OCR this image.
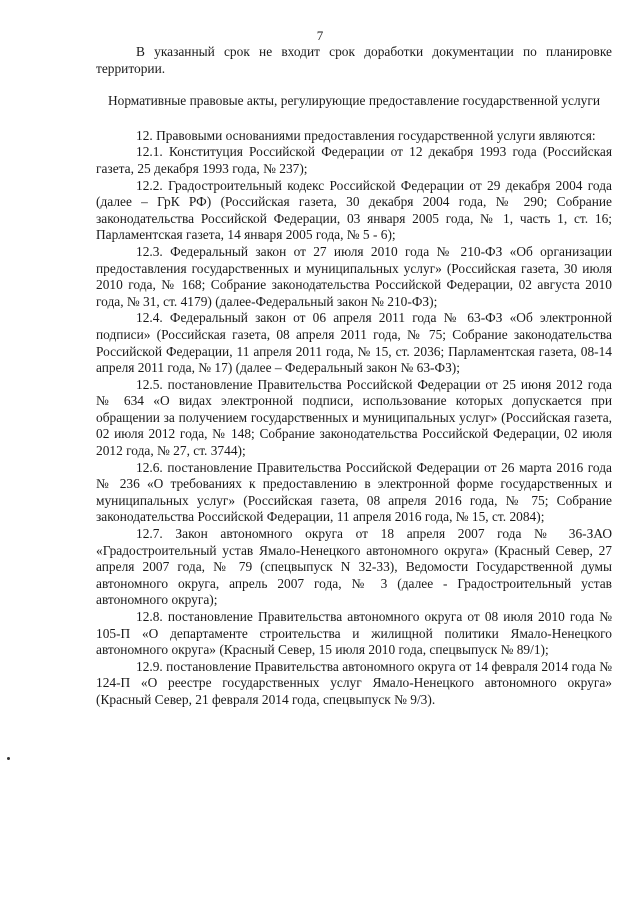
7

В указанный срок не входит срок доработки документации по планировке территории.

Нормативные правовые акты, регулирующие предоставление государственной услуги

12. Правовыми основаниями предоставления государственной услуги являются:

12.1. Конституция Российской Федерации от 12 декабря 1993 года (Российская газета, 25 декабря 1993 года, № 237);

12.2. Градостроительный кодекс Российской Федерации от 29 декабря 2004 года (далее – ГрК РФ) (Российская газета, 30 декабря 2004 года, № 290; Собрание законодательства Российской Федерации, 03 января 2005 года, № 1, часть 1, ст. 16; Парламентская газета, 14 января 2005 года, № 5 - 6);

12.3. Федеральный закон от 27 июля 2010 года № 210-ФЗ «Об организации предоставления государственных и муниципальных услуг» (Российская газета, 30 июля 2010 года, № 168; Собрание законодательства Российской Федерации, 02 августа 2010 года, № 31, ст. 4179) (далее-Федеральный закон № 210-ФЗ);

12.4. Федеральный закон от 06 апреля 2011 года № 63-ФЗ «Об электронной подписи» (Российская газета, 08 апреля 2011 года, № 75; Собрание законодательства Российской Федерации, 11 апреля 2011 года, № 15, ст. 2036; Парламентская газета, 08-14 апреля 2011 года, № 17) (далее – Федеральный закон № 63-ФЗ);

12.5. постановление Правительства Российской Федерации от 25 июня 2012 года № 634 «О видах электронной подписи, использование которых допускается при обращении за получением государственных и муниципальных услуг» (Российская газета, 02 июля 2012 года, № 148; Собрание законодательства Российской Федерации, 02 июля 2012 года, № 27, ст. 3744);

12.6. постановление Правительства Российской Федерации от 26 марта 2016 года № 236 «О требованиях к предоставлению в электронной форме государственных и муниципальных услуг» (Российская газета, 08 апреля 2016 года, № 75; Собрание законодательства Российской Федерации, 11 апреля 2016 года, № 15, ст. 2084);

12.7. Закон автономного округа от 18 апреля 2007 года № 36-ЗАО «Градостроительный устав Ямало-Ненецкого автономного округа» (Красный Север, 27 апреля 2007 года, № 79 (спецвыпуск N 32-33), Ведомости Государственной думы автономного округа, апрель 2007 года, № 3 (далее - Градостроительный устав автономного округа);

12.8. постановление Правительства автономного округа от 08 июля 2010 года № 105-П «О департаменте строительства и жилищной политики Ямало-Ненецкого автономного округа» (Красный Север, 15 июля 2010 года, спецвыпуск № 89/1);

12.9. постановление Правительства автономного округа от 14 февраля 2014 года № 124-П «О реестре государственных услуг Ямало-Ненецкого автономного округа» (Красный Север, 21 февраля 2014 года, спецвыпуск № 9/3).
